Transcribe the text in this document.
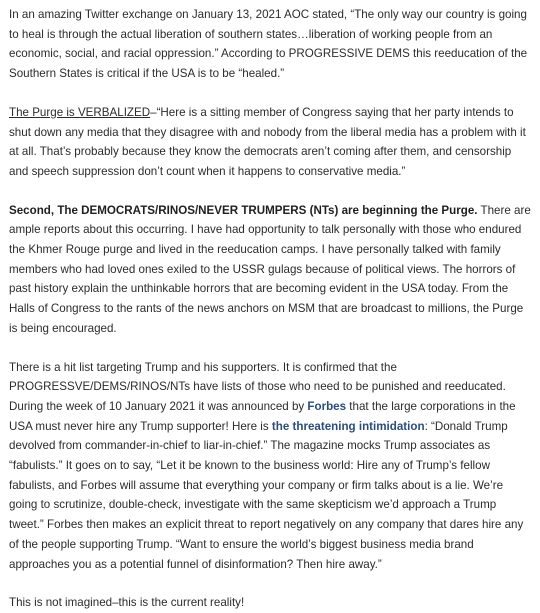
In an amazing Twitter exchange on January 13, 2021 AOC stated, “The only way our country is going to heal is through the actual liberation of southern states…liberation of working people from an economic, social, and racial oppression.” According to PROGRESSIVE DEMS this reeducation of the Southern States is critical if the USA is to be “healed.”

The Purge is VERBALIZED–“Here is a sitting member of Congress saying that her party intends to shut down any media that they disagree with and nobody from the liberal media has a problem with it at all. That’s probably because they know the democrats aren’t coming after them, and censorship and speech suppression don’t count when it happens to conservative media.”

Second, The DEMOCRATS/RINOS/NEVER TRUMPERS (NTs) are beginning the Purge. There are ample reports about this occurring. I have had opportunity to talk personally with those who endured the Khmer Rouge purge and lived in the reeducation camps. I have personally talked with family members who had loved ones exiled to the USSR gulags because of political views. The horrors of past history explain the unthinkable horrors that are becoming evident in the USA today. From the Halls of Congress to the rants of the news anchors on MSM that are broadcast to millions, the Purge is being encouraged.

There is a hit list targeting Trump and his supporters. It is confirmed that the PROGRESSVE/DEMS/RINOS/NTs have lists of those who need to be punished and reeducated. During the week of 10 January 2021 it was announced by Forbes that the large corporations in the USA must never hire any Trump supporter! Here is the threatening intimidation: “Donald Trump devolved from commander-in-chief to liar-in-chief.” The magazine mocks Trump associates as “fabulists.” It goes on to say, “Let it be known to the business world: Hire any of Trump’s fellow fabulists, and Forbes will assume that everything your company or firm talks about is a lie. We’re going to scrutinize, double-check, investigate with the same skepticism we’d approach a Trump tweet.” Forbes then makes an explicit threat to report negatively on any company that dares hire any of the people supporting Trump. “Want to ensure the world’s biggest business media brand approaches you as a potential funnel of disinformation? Then hire away.”

This is not imagined–this is the current reality!
